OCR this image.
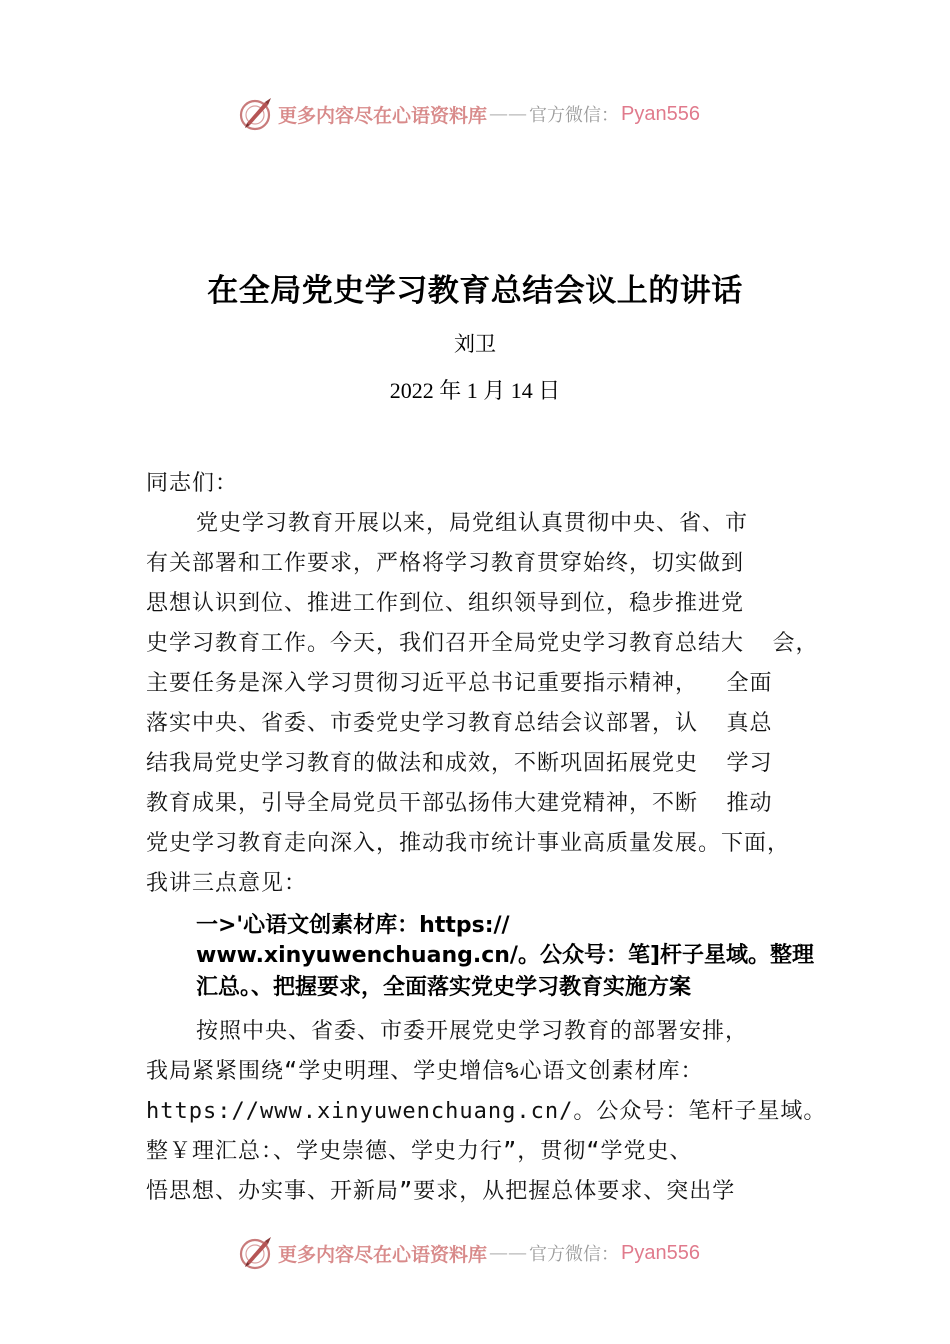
更多内容尽在心语资料库 —— 官方微信： Pyan556
在全局党史学习教育总结会议上的讲话
刘卫
2022 年 1 月 14 日
同志们：
党史学习教育开展以来，局党组认真贯彻中央、省、市
有关部署和工作要求，严格将学习教育贯穿始终，切实做到
思想认识到位、推进工作到位、组织领导到位，稳步推进党
史学习教育工作。今天，我们召开全局党史学习教育总结大  会，
主要任务是深入学习贯彻习近平总书记重要指示精神，  全面
落实中央、省委、市委党史学习教育总结会议部署，认  真总
结我局党史学习教育的做法和成效，不断巩固拓展党史  学习
教育成果，引导全局党员干部弘扬伟大建党精神，不断  推动
党史学习教育走向深入，推动我市统计事业高质量发展。下面，
我讲三点意见：
一>'心语文创素材库：https://
www.xinyuwenchuang.cn/。公众号：笔]杆子星域。整理
汇总。、把握要求，全面落实党史学习教育实施方案
按照中央、省委、市委开展党史学习教育的部署安排，
我局紧紧围绕“学史明理、学史增信%心语文创素材库：
https://www.xinyuwenchuang.cn/。公众号：笔杆子星域。
整￥理汇总：、学史崇德、学史力行”，贯彻“学党史、
悟思想、办实事、开新局”要求，从把握总体要求、突出学
更多内容尽在心语资料库 —— 官方微信： Pyan556
